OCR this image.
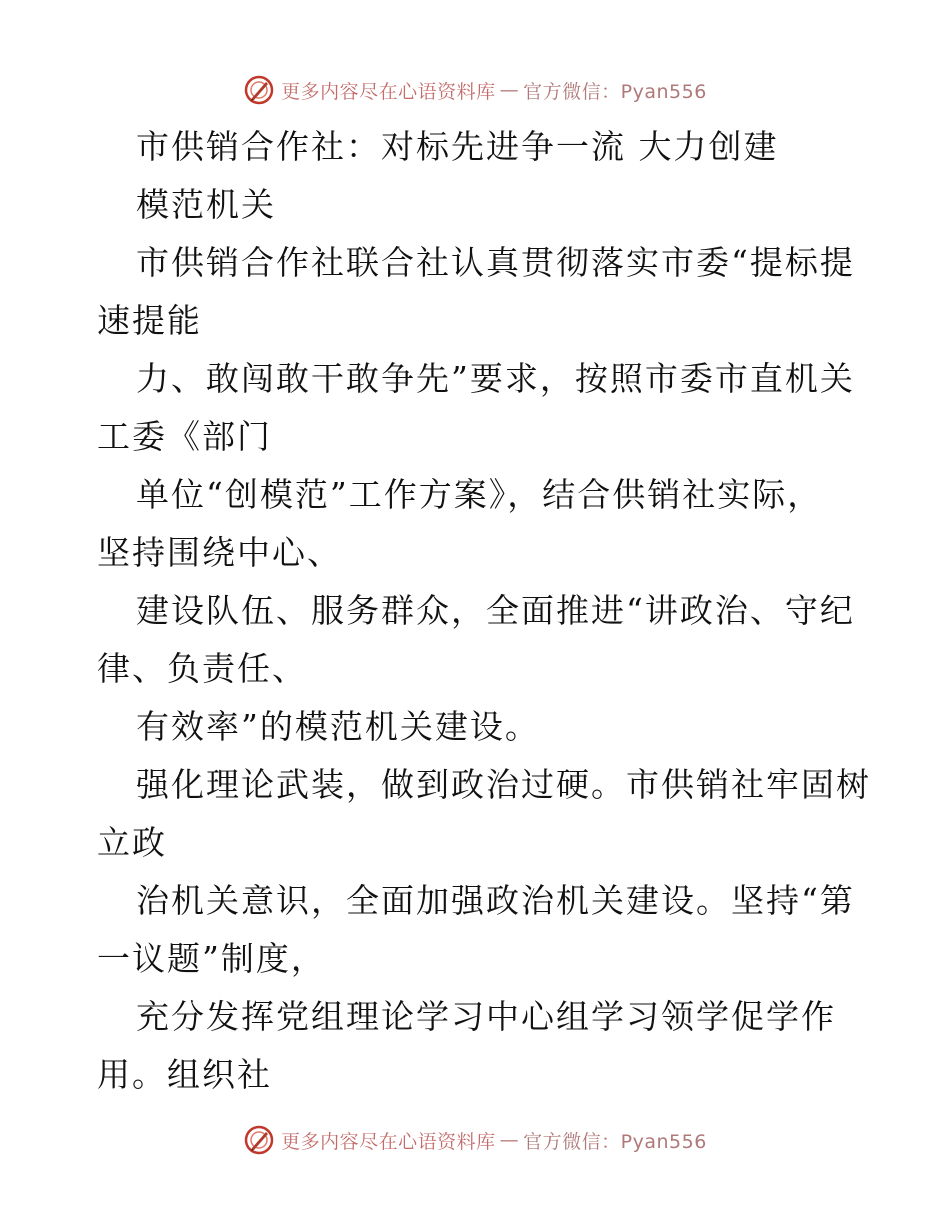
更多内容尽在心语资料库 — 官方微信：Pyan556
市供销合作社：对标先进争一流 大力创建
模范机关
市供销合作社联合社认真贯彻落实市委“提标提
速提能
力、敢闯敢干敢争先”要求，按照市委市直机关
工委《部门
单位“创模范”工作方案》，结合供销社实际，
坚持围绕中心、
建设队伍、服务群众，全面推进“讲政治、守纪
律、负责任、
有效率”的模范机关建设。
强化理论武装，做到政治过硬。市供销社牢固树
立政
治机关意识，全面加强政治机关建设。坚持“第
一议题”制度，
充分发挥党组理论学习中心组学习领学促学作
用。组织社
更多内容尽在心语资料库 — 官方微信：Pyan556
